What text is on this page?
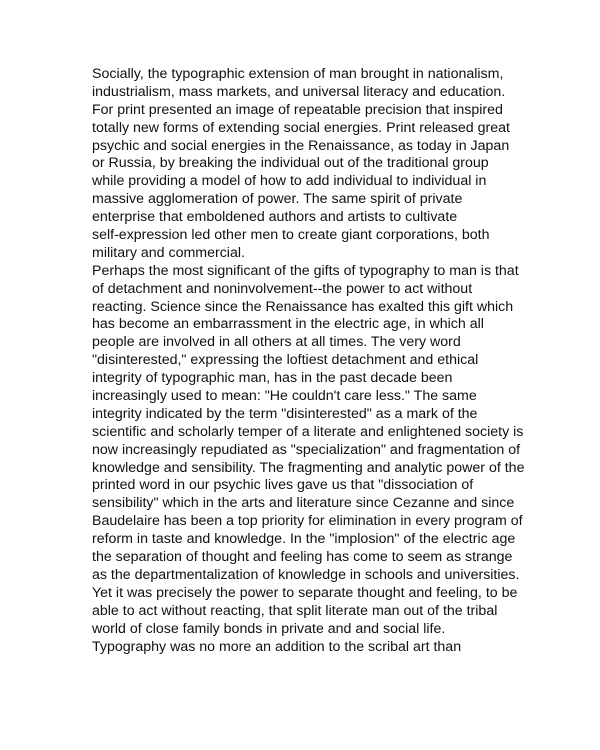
Socially, the typographic extension of man brought in nationalism,
industrialism, mass markets, and universal literacy and education.
For print presented an image of repeatable precision that inspired
totally new forms of extending social energies. Print released great
psychic and social energies in the Renaissance, as today in Japan
or Russia, by breaking the individual out of the traditional group
while providing a model of how to add individual to individual in
massive agglomeration of power. The same spirit of private
enterprise that emboldened authors and artists to cultivate
self-expression led other men to create giant corporations, both
military and commercial.
Perhaps the most significant of the gifts of typography to man is that
of detachment and noninvolvement--the power to act without
reacting. Science since the Renaissance has exalted this gift which
has become an embarrassment in the electric age, in which all
people are involved in all others at all times. The very word
"disinterested," expressing the loftiest detachment and ethical
integrity of typographic man, has in the past decade been
increasingly used to mean: "He couldn't care less." The same
integrity indicated by the term "disinterested" as a mark of the
scientific and scholarly temper of a literate and enlightened society is
now increasingly repudiated as "specialization" and fragmentation of
knowledge and sensibility. The fragmenting and analytic power of the
printed word in our psychic lives gave us that "dissociation of
sensibility" which in the arts and literature since Cezanne and since
Baudelaire has been a top priority for elimination in every program of
reform in taste and knowledge. In the "implosion" of the electric age
the separation of thought and feeling has come to seem as strange
as the departmentalization of knowledge in schools and universities.
Yet it was precisely the power to separate thought and feeling, to be
able to act without reacting, that split literate man out of the tribal
world of close family bonds in private and and social life.
Typography was no more an addition to the scribal art than
